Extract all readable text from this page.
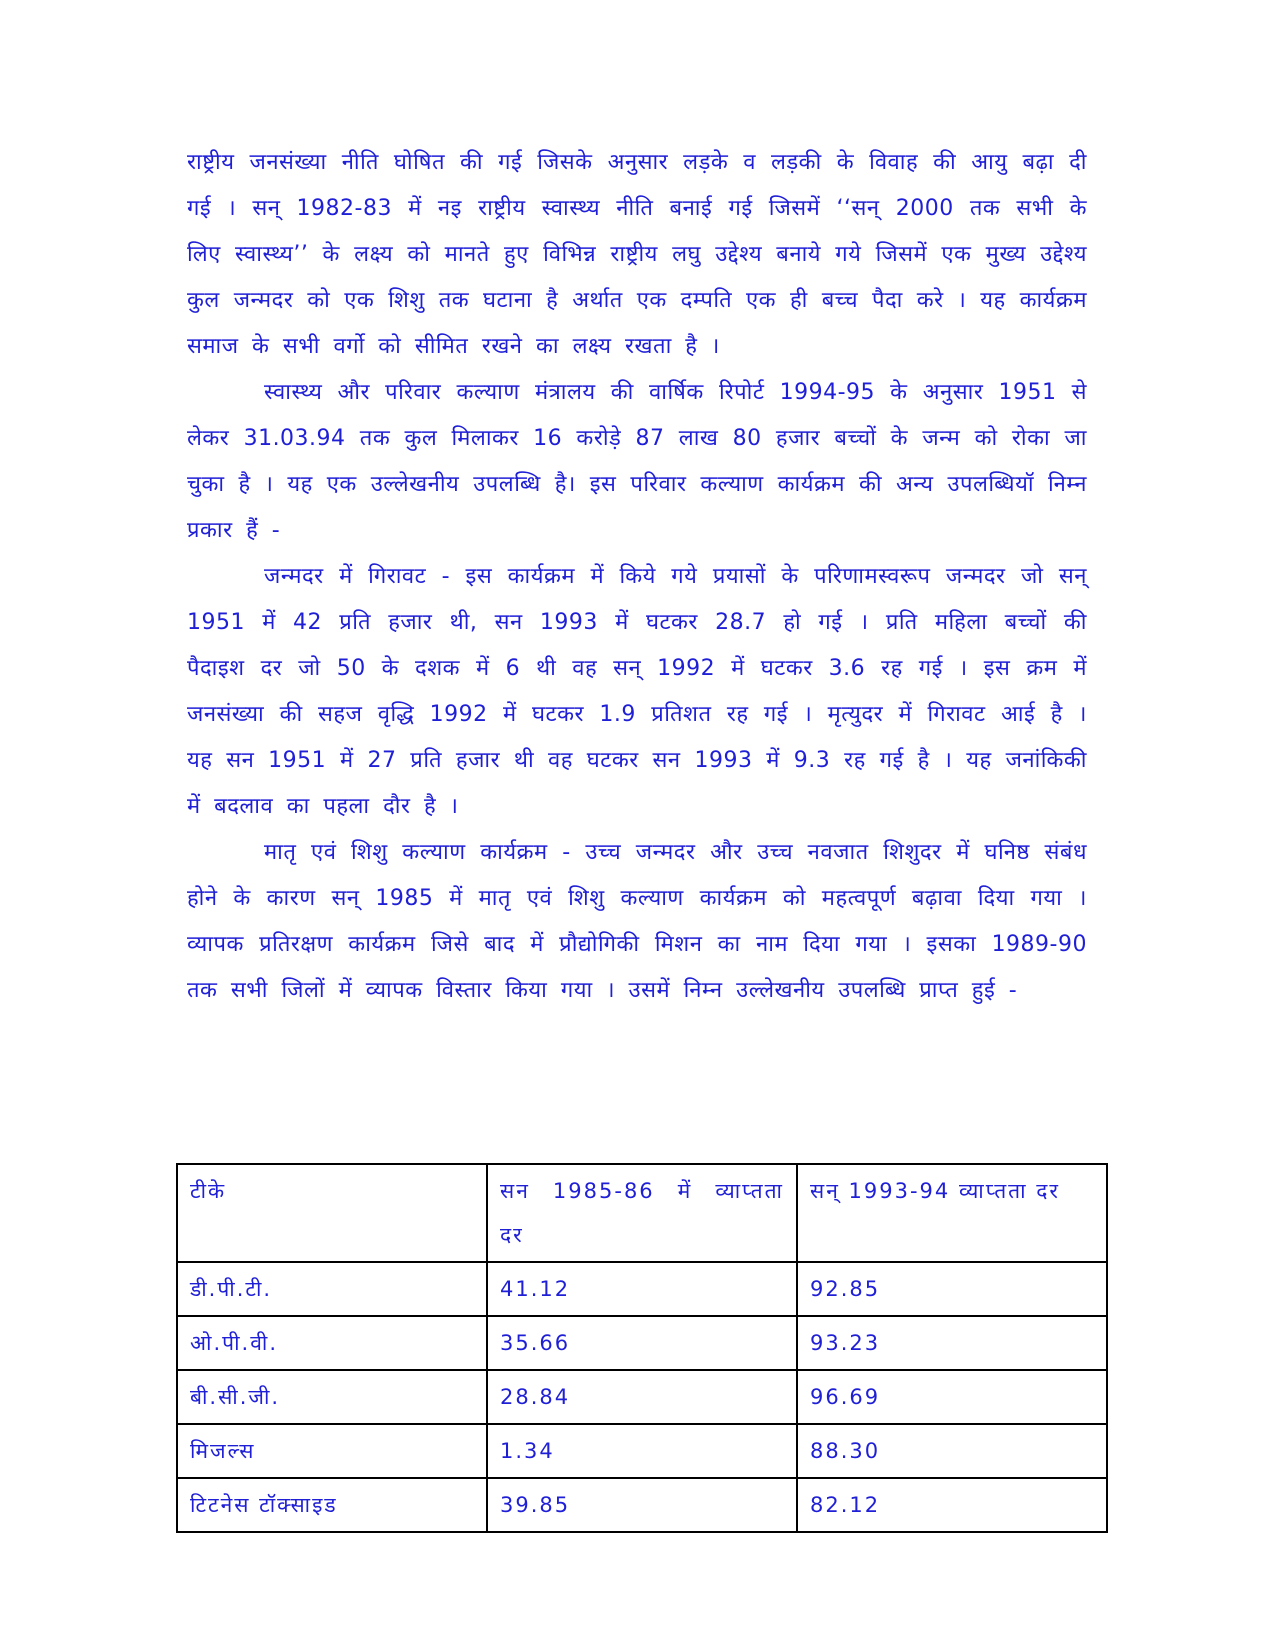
राष्ट्रीय जनसंख्या नीति घोषित की गई जिसके अनुसार लड़के व लड़की के विवाह की आयु बढ़ा दी गई । सन् 1982-83 में नइ राष्ट्रीय स्वास्थ्य नीति बनाई गई जिसमें ‘‘सन् 2000 तक सभी के लिए स्वास्थ्य’’ के लक्ष्य को मानते हुए विभिन्न राष्ट्रीय लघु उद्देश्य बनाये गये जिसमें एक मुख्य उद्देश्य कुल जन्मदर को एक शिशु तक घटाना है अर्थात एक दम्पति एक ही बच्च पैदा करे । यह कार्यक्रम समाज के सभी वर्गो को सीमित रखने का लक्ष्य रखता है ।

स्वास्थ्य और परिवार कल्याण मंत्रालय की वार्षिक रिपोर्ट 1994-95 के अनुसार 1951 से लेकर 31.03.94 तक कुल मिलाकर 16 करोड़े 87 लाख 80 हजार बच्चों के जन्म को रोका जा चुका है । यह एक उल्लेखनीय उपलब्धि है। इस परिवार कल्याण कार्यक्रम की अन्य उपलब्धियॉ निम्न प्रकार हैं -

जन्मदर में गिरावट - इस कार्यक्रम में किये गये प्रयासों के परिणामस्वरूप जन्मदर जो सन् 1951 में 42 प्रति हजार थी, सन 1993 में घटकर 28.7 हो गई । प्रति महिला बच्चों की पैदाइश दर जो 50 के दशक में 6 थी वह सन् 1992 में घटकर 3.6 रह गई । इस क्रम में जनसंख्या की सहज वृद्धि 1992 में घटकर 1.9 प्रतिशत रह गई । मृत्युदर में गिरावट आई है । यह सन 1951 में 27 प्रति हजार थी वह घटकर सन 1993 में 9.3 रह गई है । यह जनांकिकी में बदलाव का पहला दौर है ।

मातृ एवं शिशु कल्याण कार्यक्रम - उच्च जन्मदर और उच्च नवजात शिशुदर में घनिष्ठ संबंध होने के कारण सन् 1985 में मातृ एवं शिशु कल्याण कार्यक्रम को महत्वपूर्ण बढ़ावा दिया गया । व्यापक प्रतिरक्षण कार्यक्रम जिसे बाद में प्रौद्योगिकी मिशन का नाम दिया गया । इसका 1989-90 तक सभी जिलों में व्यापक विस्तार किया गया । उसमें निम्न उल्लेखनीय उपलब्धि प्राप्त हुई -

टीके	सन 1985-86 में व्याप्तता दर	सन् 1993-94 व्याप्तता दर
डी.पी.टी.	41.12	92.85
ओ.पी.वी.	35.66	93.23
बी.सी.जी.	28.84	96.69
मिजल्स	1.34	88.30
टिटनेस टॉक्साइड	39.85	82.12
